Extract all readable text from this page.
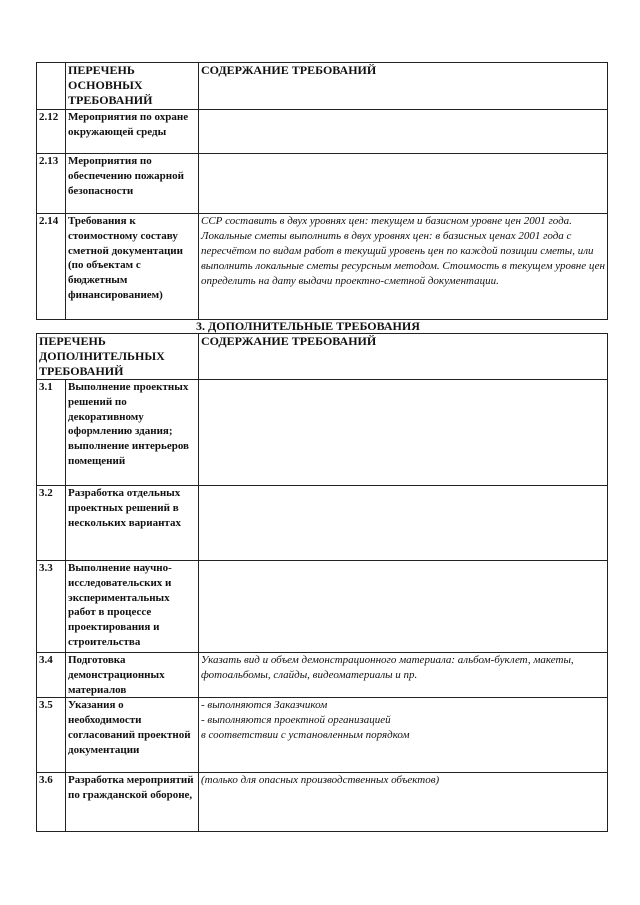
	ПЕРЕЧЕНЬ ОСНОВНЫХ ТРЕБОВАНИЙ	СОДЕРЖАНИЕ ТРЕБОВАНИЙ
2.12	Мероприятия по охране окружающей среды	
2.13	Мероприятия по обеспечению пожарной безопасности	
2.14	Требования к стоимостному составу сметной документации (по объектам с бюджетным финансированием)	ССР составить в двух уровнях цен: текущем и базисном уровне цен 2001 года. Локальные сметы выполнить в двух уровнях цен: в базисных ценах 2001 года с пересчётом по видам работ в текущий уровень цен по каждой позиции сметы, или выполнить локальные сметы ресурсным методом. Стоимость в текущем уровне цен определить на дату выдачи проектно-сметной документации.
3. ДОПОЛНИТЕЛЬНЫЕ ТРЕБОВАНИЯ
ПЕРЕЧЕНЬ ДОПОЛНИТЕЛЬНЫХ ТРЕБОВАНИЙ		СОДЕРЖАНИЕ ТРЕБОВАНИЙ
3.1	Выполнение проектных решений по декоративному оформлению здания; выполнение интерьеров помещений	
3.2	Разработка отдельных проектных решений в нескольких вариантах	
3.3	Выполнение научно-исследовательских и экспериментальных работ в процессе проектирования и строительства	
3.4	Подготовка демонстрационных материалов	Указать вид и объем демонстрационного материала: альбом-буклет, макеты, фотоальбомы, слайды, видеоматериалы и пр.
3.5	Указания о необходимости согласований проектной документации	- выполняются Заказчиком
- выполняются проектной организацией
в соответствии с установленным порядком

3.6	Разработка мероприятий по гражданской обороне,	(только для опасных производственных объектов)
